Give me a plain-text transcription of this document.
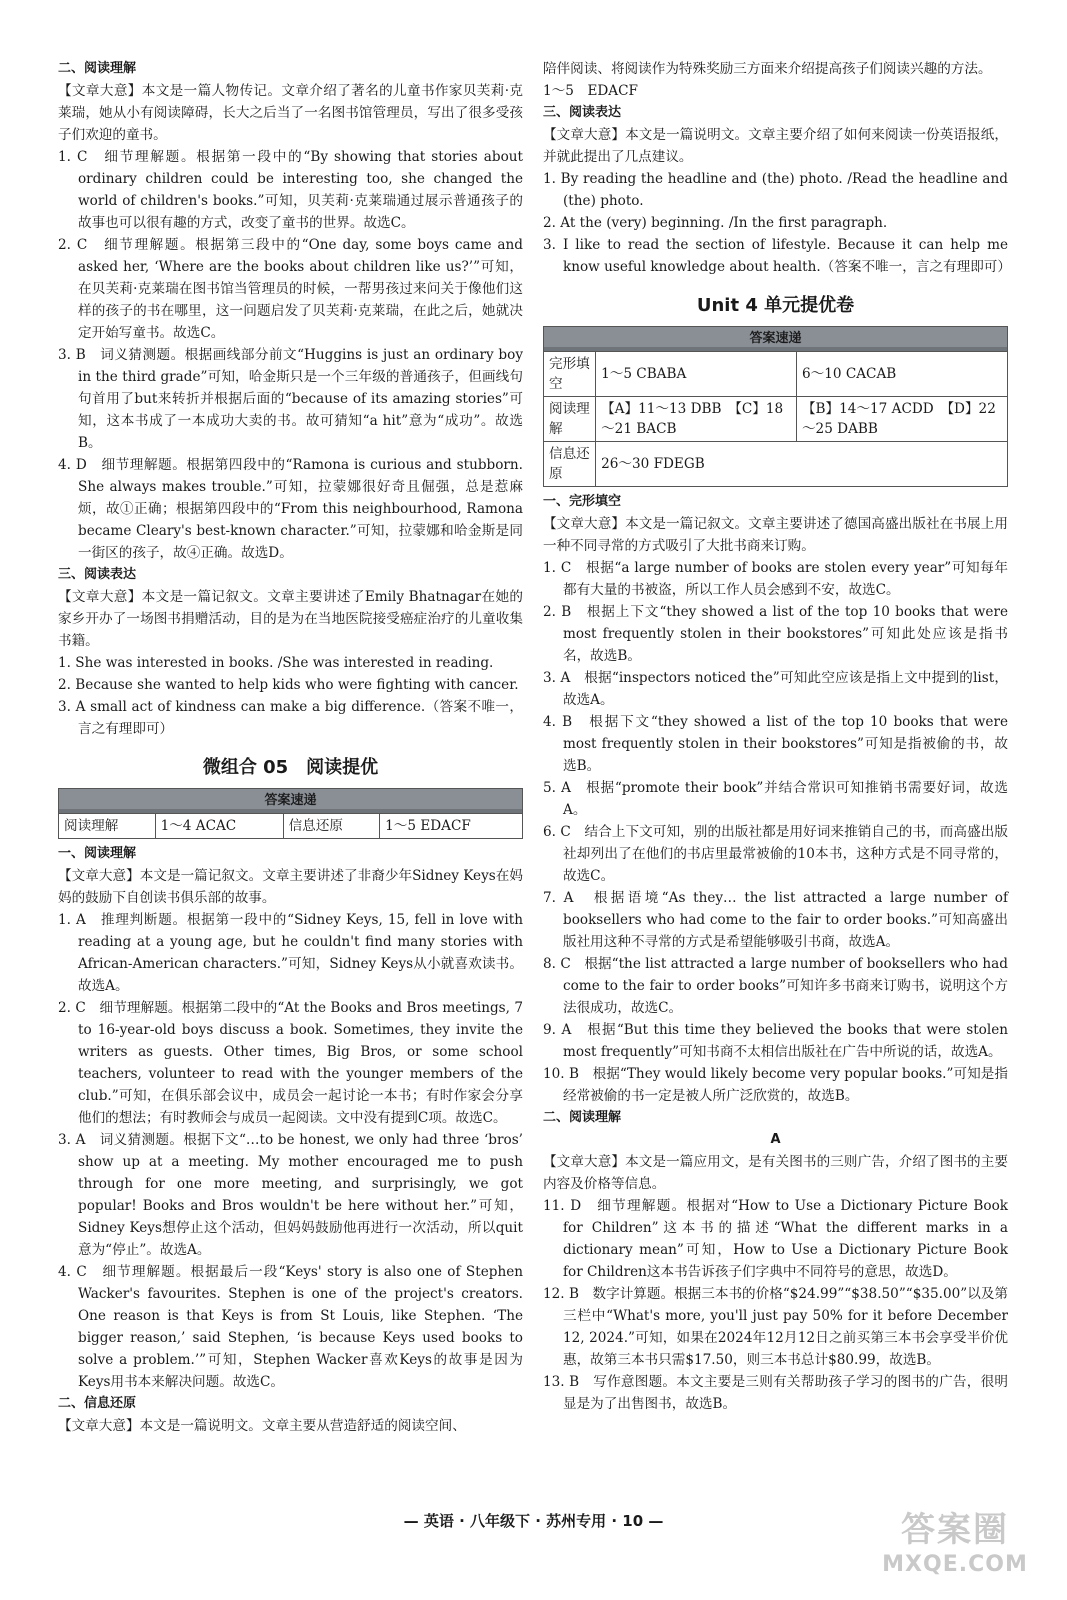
二、阅读理解

【文章大意】本文是一篇人物传记。文章介绍了著名的儿童书作家贝芙莉·克莱瑞，她从小有阅读障碍，长大之后当了一名图书馆管理员，写出了很多受孩子们欢迎的童书。

1. C　细节理解题。根据第一段中的“By showing that stories about ordinary children could be interesting too, she changed the world of children's books.”可知，贝芙莉·克莱瑞通过展示普通孩子的故事也可以很有趣的方式，改变了童书的世界。故选C。

2. C　细节理解题。根据第三段中的“One day, some boys came and asked her, ‘Where are the books about children like us?’”可知，在贝芙莉·克莱瑞在图书馆当管理员的时候，一帮男孩过来问关于像他们这样的孩子的书在哪里，这一问题启发了贝芙莉·克莱瑞，在此之后，她就决定开始写童书。故选C。

3. B　词义猜测题。根据画线部分前文“Huggins is just an ordinary boy in the third grade”可知，哈金斯只是一个三年级的普通孩子，但画线句句首用了but来转折并根据后面的“because of its amazing stories”可知，这本书成了一本成功大卖的书。故可猜知“a hit”意为“成功”。故选B。

4. D　细节理解题。根据第四段中的“Ramona is curious and stubborn. She always makes trouble.”可知，拉蒙娜很好奇且倔强，总是惹麻烦，故①正确；根据第四段中的“From this neighbourhood, Ramona became Cleary's best-known character.”可知，拉蒙娜和哈金斯是同一街区的孩子，故④正确。故选D。

三、阅读表达

【文章大意】本文是一篇记叙文。文章主要讲述了Emily Bhatnagar在她的家乡开办了一场图书捐赠活动，目的是为在当地医院接受癌症治疗的儿童收集书籍。

1. She was interested in books. /She was interested in reading.

2. Because she wanted to help kids who were fighting with cancer.

3. A small act of kindness can make a big difference.（答案不唯一，言之有理即可）

微组合 05　阅读提优
答案速递
阅读理解	1～4 ACAC	信息还原	1～5 EDACF

一、阅读理解

【文章大意】本文是一篇记叙文。文章主要讲述了非裔少年Sidney Keys在妈妈的鼓励下自创读书俱乐部的故事。

1. A　推理判断题。根据第一段中的“Sidney Keys, 15, fell in love with reading at a young age, but he couldn't find many stories with African-American characters.”可知，Sidney Keys从小就喜欢读书。故选A。

2. C　细节理解题。根据第二段中的“At the Books and Bros meetings, 7 to 16-year-old boys discuss a book. Sometimes, they invite the writers as guests. Other times, Big Bros, or some school teachers, volunteer to read with the younger members of the club.”可知，在俱乐部会议中，成员会一起讨论一本书；有时作家会分享他们的想法；有时教师会与成员一起阅读。文中没有提到C项。故选C。

3. A　词义猜测题。根据下文“…to be honest, we only had three ‘bros’ show up at a meeting. My mother encouraged me to push through for one more meeting, and surprisingly, we got popular! Books and Bros wouldn't be here without her.”可知，Sidney Keys想停止这个活动，但妈妈鼓励他再进行一次活动，所以quit意为“停止”。故选A。

4. C　细节理解题。根据最后一段“Keys' story is also one of Stephen Wacker's favourites. Stephen is one of the project's creators. One reason is that Keys is from St Louis, like Stephen. ‘The bigger reason,’ said Stephen, ‘is because Keys used books to solve a problem.’”可知，Stephen Wacker喜欢Keys的故事是因为Keys用书本来解决问题。故选C。

二、信息还原

【文章大意】本文是一篇说明文。文章主要从营造舒适的阅读空间、

陪伴阅读、将阅读作为特殊奖励三方面来介绍提高孩子们阅读兴趣的方法。

1～5　EDACF

三、阅读表达

【文章大意】本文是一篇说明文。文章主要介绍了如何来阅读一份英语报纸，并就此提出了几点建议。

1. By reading the headline and (the) photo. /Read the headline and (the) photo.

2. At the (very) beginning. /In the first paragraph.

3. I like to read the section of lifestyle. Because it can help me know useful knowledge about health.（答案不唯一，言之有理即可）

Unit 4 单元提优卷
答案速递		
完形填空	1～5 CBABA	6～10 CACAB
阅读理解	【A】11～13 DBB　【C】18～21 BACB	【B】14～17 ACDD　【D】22～25 DABB
信息还原	26～30 FDEGB	

一、完形填空

【文章大意】本文是一篇记叙文。文章主要讲述了德国高盛出版社在书展上用一种不同寻常的方式吸引了大批书商来订购。

1. C　根据“a large number of books are stolen every year”可知每年都有大量的书被盗，所以工作人员会感到不安，故选C。

2. B　根据上下文“they showed a list of the top 10 books that were most frequently stolen in their bookstores”可知此处应该是指书名，故选B。

3. A　根据“inspectors noticed the”可知此空应该是指上文中提到的list，故选A。

4. B　根据下文“they showed a list of the top 10 books that were most frequently stolen in their bookstores”可知是指被偷的书，故选B。

5. A　根据“promote their book”并结合常识可知推销书需要好词，故选A。

6. C　结合上下文可知，别的出版社都是用好词来推销自己的书，而高盛出版社却列出了在他们的书店里最常被偷的10本书，这种方式是不同寻常的，故选C。

7. A　根据语境“As they… the list attracted a large number of booksellers who had come to the fair to order books.”可知高盛出版社用这种不寻常的方式是希望能够吸引书商，故选A。

8. C　根据“the list attracted a large number of booksellers who had come to the fair to order books”可知许多书商来订购书，说明这个方法很成功，故选C。

9. A　根据“But this time they believed the books that were stolen most frequently”可知书商不太相信出版社在广告中所说的话，故选A。

10. B　根据“They would likely become very popular books.”可知是指经常被偷的书一定是被人所广泛欣赏的，故选B。

二、阅读理解

A

【文章大意】本文是一篇应用文，是有关图书的三则广告，介绍了图书的主要内容及价格等信息。

11. D　细节理解题。根据对“How to Use a Dictionary Picture Book for Children”这本书的描述“What the different marks in a dictionary mean”可知，How to Use a Dictionary Picture Book for Children这本书告诉孩子们字典中不同符号的意思，故选D。

12. B　数字计算题。根据三本书的价格“$24.99”“$38.50”“$35.00”以及第三栏中“What's more, you'll just pay 50% for it before December 12, 2024.”可知，如果在2024年12月12日之前买第三本书会享受半价优惠，故第三本书只需$17.50，则三本书总计$80.99，故选B。

13. B　写作意图题。本文主要是三则有关帮助孩子学习的图书的广告，很明显是为了出售图书，故选B。

— 英语 · 八年级下 · 苏州专用 · 10 —	答案圈
MXQE.COM
